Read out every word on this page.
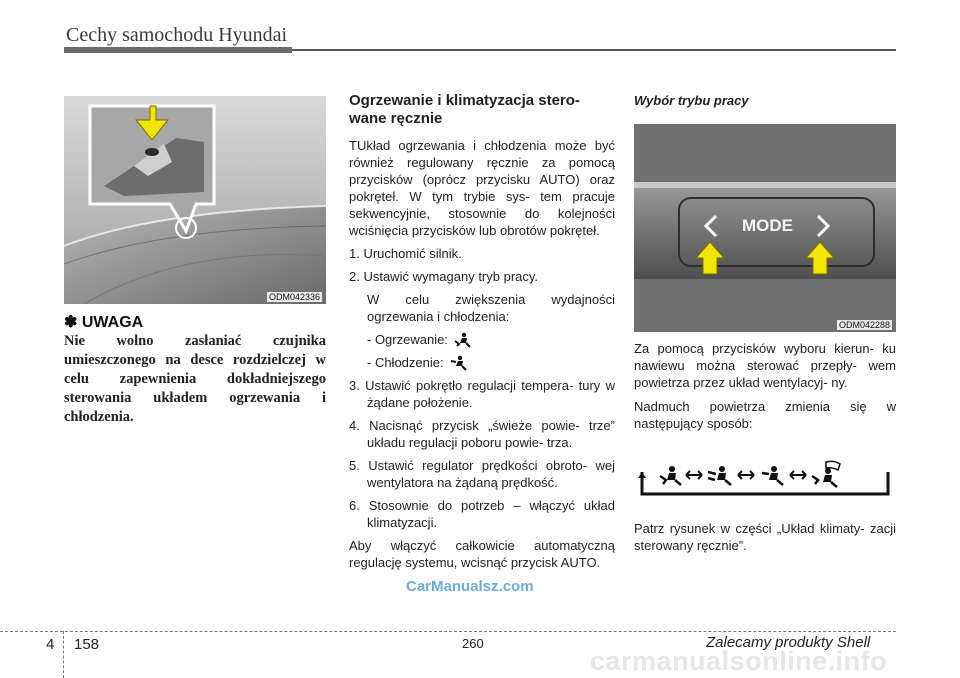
Cechy samochodu Hyundai
ODM042336
✽ UWAGA
Nie wolno zasłaniać czujnika umieszczonego na desce rozdzielczej w celu zapewnienia dokładniejszego sterowania układem ogrzewania i chłodzenia.
Ogrzewanie i klimatyzacja stero- wane ręcznie

TUkład ogrzewania i chłodzenia może być również regulowany ręcznie za pomocą przycisków (oprócz przycisku AUTO) oraz pokręteł. W tym trybie sys- tem pracuje sekwencyjnie, stosownie do kolejności wciśnięcia przycisków lub obrotów pokręteł.

1. Uruchomić silnik.
2. Ustawić wymagany tryb pracy.
W celu zwiększenia wydajności ogrzewania i chłodzenia:
- Ogrzewanie:
- Chłodzenie:
3. Ustawić pokrętło regulacji tempera- tury w żądane położenie.
4. Nacisnąć przycisk „świeże powie- trze” układu regulacji poboru powie- trza.
5. Ustawić regulator prędkości obroto- wej wentylatora na żądaną prędkość.
6. Stosownie do potrzeb – włączyć układ klimatyzacji.

Aby włączyć całkowicie automatyczną regulację systemu, wcisnąć przycisk AUTO.

Wybór trybu pracy
MODE
ODM042288

Za pomocą przycisków wyboru kierun- ku nawiewu można sterować przepły- wem powietrza przez układ wentylacyj- ny.

Nadmuch powietrza zmienia się w następujący sposób:

Patrz rysunek w części „Układ klimaty- zacji sterowany ręcznie”.

CarManualsz.com
4 158	260	Zalecamy produkty Shell
carmanualsonline.info
